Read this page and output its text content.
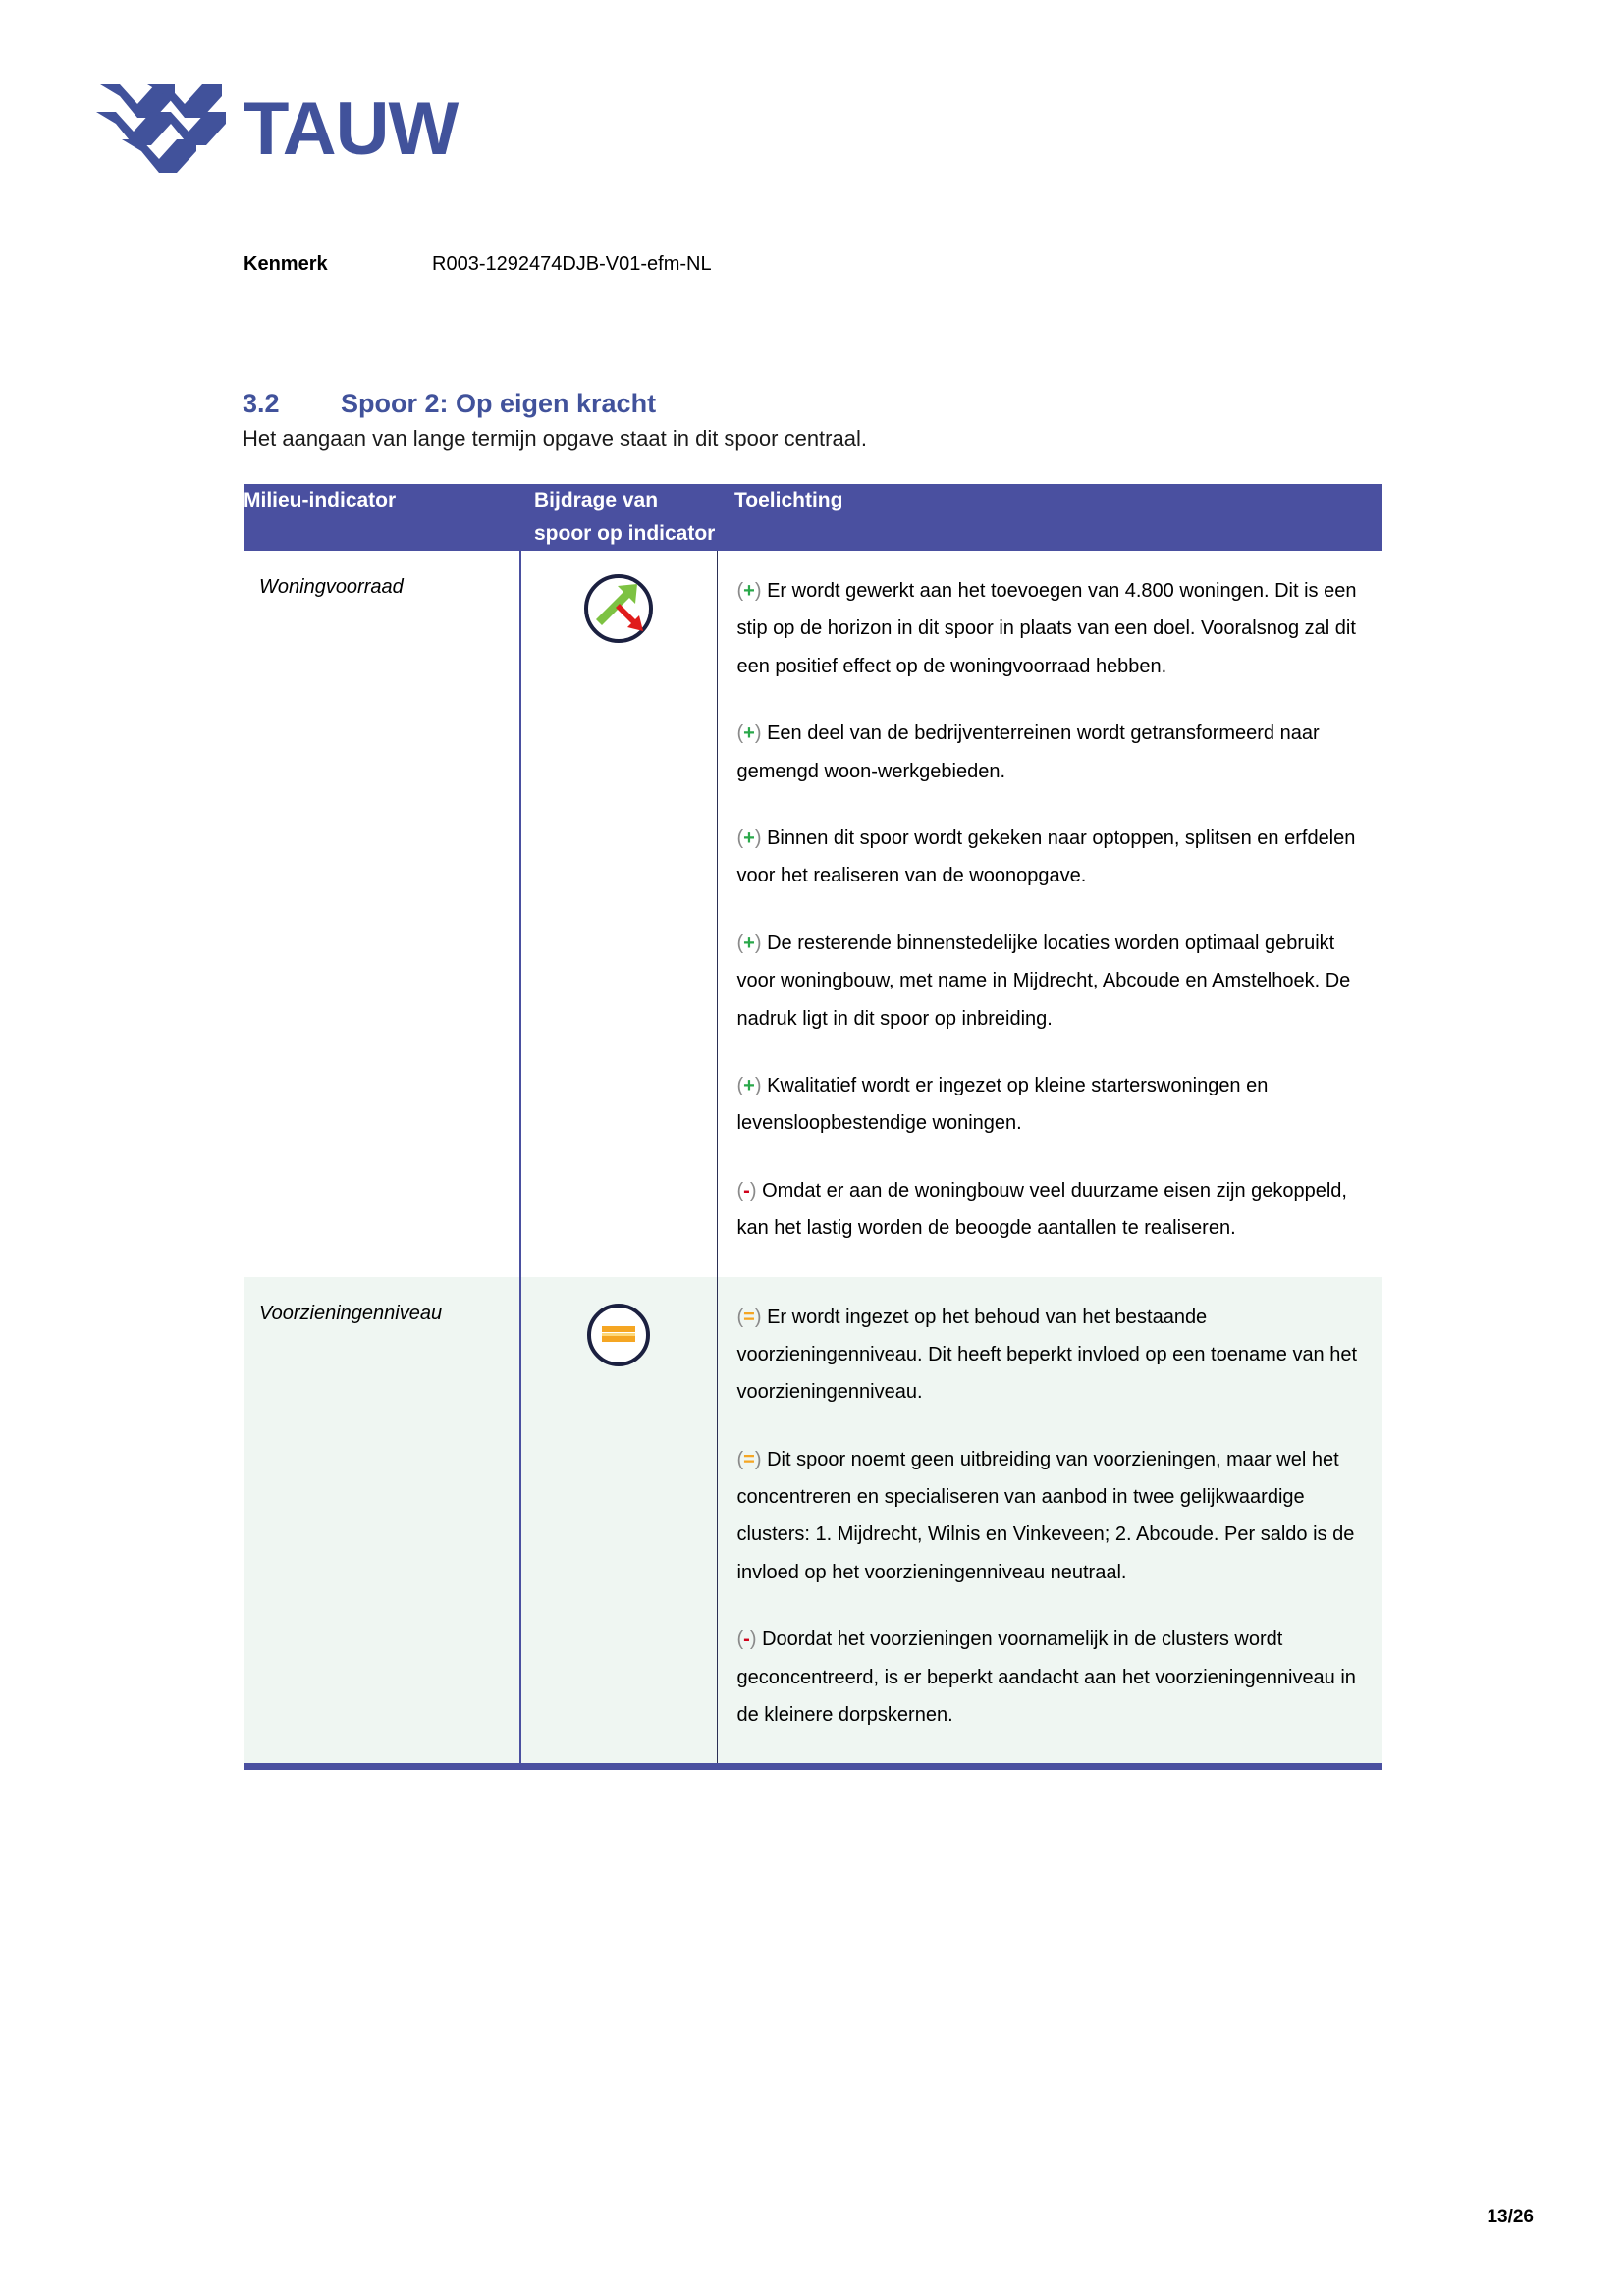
TAUW
Kenmerk	R003-1292474DJB-V01-efm-NL
3.2	Spoor 2: Op eigen kracht
Het aangaan van lange termijn opgave staat in dit spoor centraal.
Milieu-indicator	Bijdrage van spoor op indicator	Toelichting
Woningvoorraad		(+) Er wordt gewerkt aan het toevoegen van 4.800 woningen. Dit is een stip op de horizon in dit spoor in plaats van een doel. Vooralsnog zal dit een positief effect op de woningvoorraad hebben.
(+) Een deel van de bedrijventerreinen wordt getransformeerd naar gemengd woon-werkgebieden.
(+) Binnen dit spoor wordt gekeken naar optoppen, splitsen en erfdelen voor het realiseren van de woonopgave.
(+) De resterende binnenstedelijke locaties worden optimaal gebruikt voor woningbouw, met name in Mijdrecht, Abcoude en Amstelhoek. De nadruk ligt in dit spoor op inbreiding.
(+) Kwalitatief wordt er ingezet op kleine starterswoningen en levensloopbestendige woningen.
(-) Omdat er aan de woningbouw veel duurzame eisen zijn gekoppeld, kan het lastig worden de beoogde aantallen te realiseren.

Voorzieningenniveau		(=) Er wordt ingezet op het behoud van het bestaande voorzieningenniveau. Dit heeft beperkt invloed op een toename van het voorzieningenniveau.
(=) Dit spoor noemt geen uitbreiding van voorzieningen, maar wel het concentreren en specialiseren van aanbod in twee gelijkwaardige clusters: 1. Mijdrecht, Wilnis en Vinkeveen; 2. Abcoude. Per saldo is de invloed op het voorzieningenniveau neutraal.
(-) Doordat het voorzieningen voornamelijk in de clusters wordt geconcentreerd, is er beperkt aandacht aan het voorzieningenniveau in de kleinere dorpskernen.
13/26
